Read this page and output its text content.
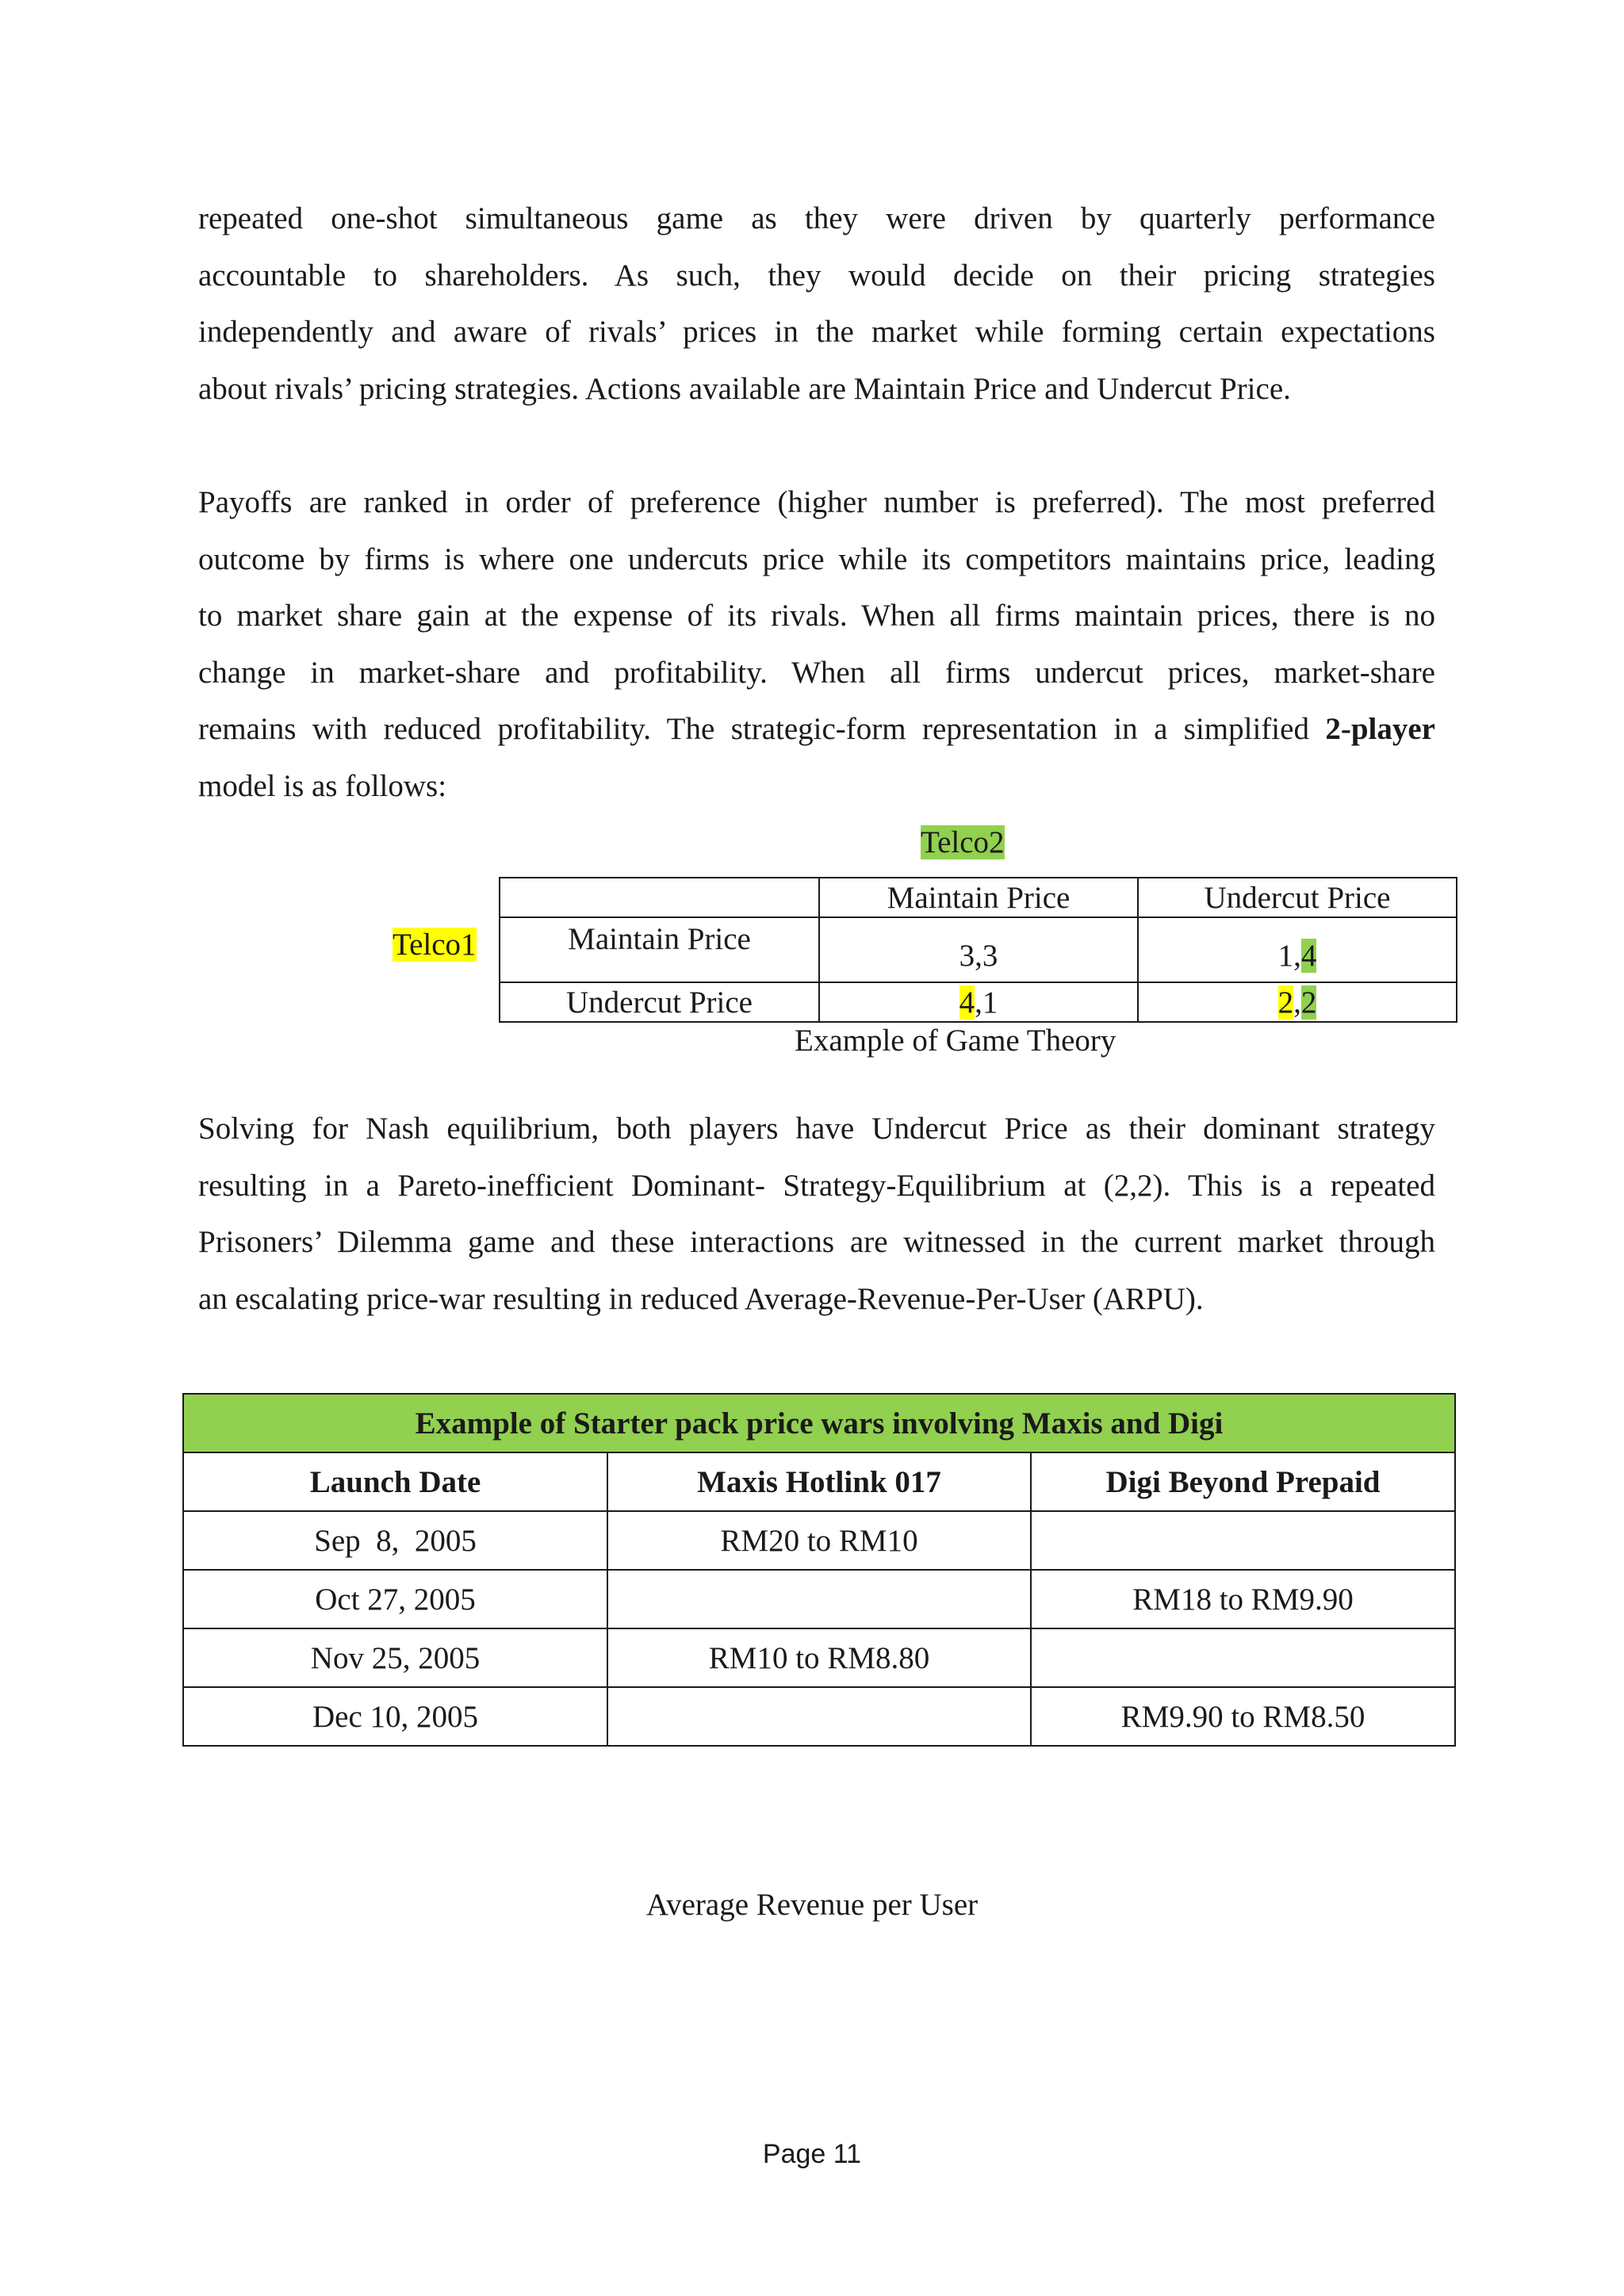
repeated one-shot simultaneous game as they were driven by quarterly performance
accountable to shareholders. As such, they would decide on their pricing strategies
independently and aware of rivals’ prices in the market while forming certain expectations
about rivals’ pricing strategies. Actions available are Maintain Price and Undercut Price.
Payoffs are ranked in order of preference (higher number is preferred). The most preferred
outcome by firms is where one undercuts price while its competitors maintains price, leading
to market share gain at the expense of its rivals. When all firms maintain prices, there is no
change in market-share and profitability. When all firms undercut prices, market-share
remains with reduced profitability. The strategic-form representation in a simplified 2-player
model is as follows:
Telco2
Telco1
	Maintain Price	Undercut Price
Maintain Price	3,3	1,4
Undercut Price	4,1	2,2
Example of Game Theory
Solving for Nash equilibrium, both players have Undercut Price as their dominant strategy
resulting in a Pareto-inefficient Dominant- Strategy-Equilibrium at (2,2). This is a repeated
Prisoners’ Dilemma game and these interactions are witnessed in the current market through
an escalating price-war resulting in reduced Average-Revenue-Per-User (ARPU).
Example of Starter pack price wars involving Maxis and Digi		
Launch Date	Maxis Hotlink 017	Digi Beyond Prepaid
Sep  8,  2005	RM20 to RM10	
Oct 27, 2005		RM18 to RM9.90
Nov 25, 2005	RM10 to RM8.80	
Dec 10, 2005		RM9.90 to RM8.50
Average Revenue per User
Page 11
